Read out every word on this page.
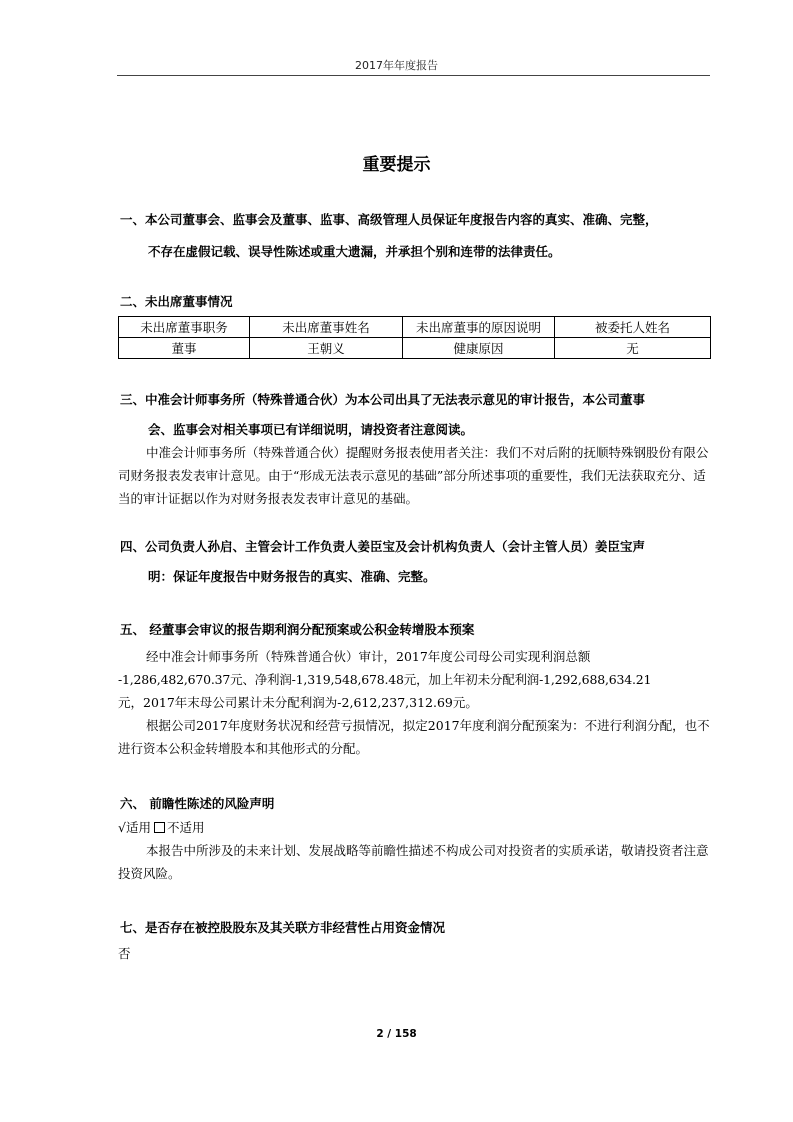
2017年年度报告
重要提示
一、本公司董事会、监事会及董事、监事、高级管理人员保证年度报告内容的真实、准确、完整，
不存在虚假记载、误导性陈述或重大遗漏，并承担个别和连带的法律责任。
二、未出席董事情况
未出席董事职务	未出席董事姓名	未出席董事的原因说明	被委托人姓名
董事	王朝义	健康原因	无
三、中准会计师事务所（特殊普通合伙）为本公司出具了无法表示意见的审计报告，本公司董事
会、监事会对相关事项已有详细说明，请投资者注意阅读。

中准会计师事务所（特殊普通合伙）提醒财务报表使用者关注：我们不对后附的抚顺特殊钢股份有限公司财务报表发表审计意见。由于“形成无法表示意见的基础”部分所述事项的重要性，我们无法获取充分、适当的审计证据以作为对财务报表发表审计意见的基础。

四、公司负责人孙启、主管会计工作负责人姜臣宝及会计机构负责人（会计主管人员）姜臣宝声
明：保证年度报告中财务报告的真实、准确、完整。
五、 经董事会审议的报告期利润分配预案或公积金转增股本预案

经中准会计师事务所（特殊普通合伙）审计，2017年度公司母公司实现利润总额

-1,286,482,670.37元、净利润-1,319,548,678.48元，加上年初未分配利润-1,292,688,634.21

元，2017年末母公司累计未分配利润为-2,612,237,312.69元。

根据公司2017年度财务状况和经营亏损情况，拟定2017年度利润分配预案为：不进行利润分配，也不进行资本公积金转增股本和其他形式的分配。

六、 前瞻性陈述的风险声明

√适用 不适用

本报告中所涉及的未来计划、发展战略等前瞻性描述不构成公司对投资者的实质承诺，敬请投资者注意投资风险。

七、是否存在被控股股东及其关联方非经营性占用资金情况

否

2 / 158
